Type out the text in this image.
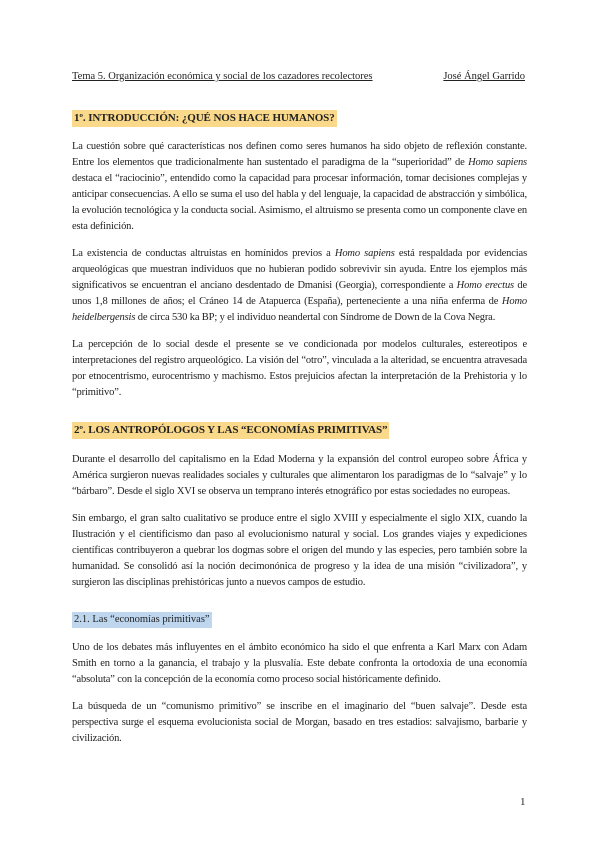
Tema 5. Organización económica y social de los cazadores recolectores	José Ángel Garrido
1º. INTRODUCCIÓN: ¿QUÉ NOS HACE HUMANOS?

La cuestión sobre qué características nos definen como seres humanos ha sido objeto de reflexión constante. Entre los elementos que tradicionalmente han sustentado el paradigma de la “superioridad” de Homo sapiens destaca el “raciocinio”, entendido como la capacidad para procesar información, tomar decisiones complejas y anticipar consecuencias. A ello se suma el uso del habla y del lenguaje, la capacidad de abstracción y simbólica, la evolución tecnológica y la conducta social. Asimismo, el altruismo se presenta como un componente clave en esta definición.

La existencia de conductas altruistas en homínidos previos a Homo sapiens está respaldada por evidencias arqueológicas que muestran individuos que no hubieran podido sobrevivir sin ayuda. Entre los ejemplos más significativos se encuentran el anciano desdentado de Dmanisi (Georgia), correspondiente a Homo erectus de unos 1,8 millones de años; el Cráneo 14 de Atapuerca (España), perteneciente a una niña enferma de Homo heidelbergensis de circa 530 ka BP; y el individuo neandertal con Síndrome de Down de la Cova Negra.

La percepción de lo social desde el presente se ve condicionada por modelos culturales, estereotipos e interpretaciones del registro arqueológico. La visión del “otro”, vinculada a la alteridad, se encuentra atravesada por etnocentrismo, eurocentrismo y machismo. Estos prejuicios afectan la interpretación de la Prehistoria y lo “primitivo”.

2º. LOS ANTROPÓLOGOS Y LAS “ECONOMÍAS PRIMITIVAS”

Durante el desarrollo del capitalismo en la Edad Moderna y la expansión del control europeo sobre África y América surgieron nuevas realidades sociales y culturales que alimentaron los paradigmas de lo “salvaje” y lo “bárbaro”. Desde el siglo XVI se observa un temprano interés etnográfico por estas sociedades no europeas.

Sin embargo, el gran salto cualitativo se produce entre el siglo XVIII y especialmente el siglo XIX, cuando la Ilustración y el cientificismo dan paso al evolucionismo natural y social. Los grandes viajes y expediciones científicas contribuyeron a quebrar los dogmas sobre el origen del mundo y las especies, pero también sobre la humanidad. Se consolidó así la noción decimonónica de progreso y la idea de una misión “civilizadora”, y surgieron las disciplinas prehistóricas junto a nuevos campos de estudio.

2.1. Las “economías primitivas”

Uno de los debates más influyentes en el ámbito económico ha sido el que enfrenta a Karl Marx con Adam Smith en torno a la ganancia, el trabajo y la plusvalía. Este debate confronta la ortodoxia de una economía “absoluta” con la concepción de la economía como proceso social históricamente definido.

La búsqueda de un “comunismo primitivo” se inscribe en el imaginario del “buen salvaje”. Desde esta perspectiva surge el esquema evolucionista social de Morgan, basado en tres estadios: salvajismo, barbarie y civilización.

1
